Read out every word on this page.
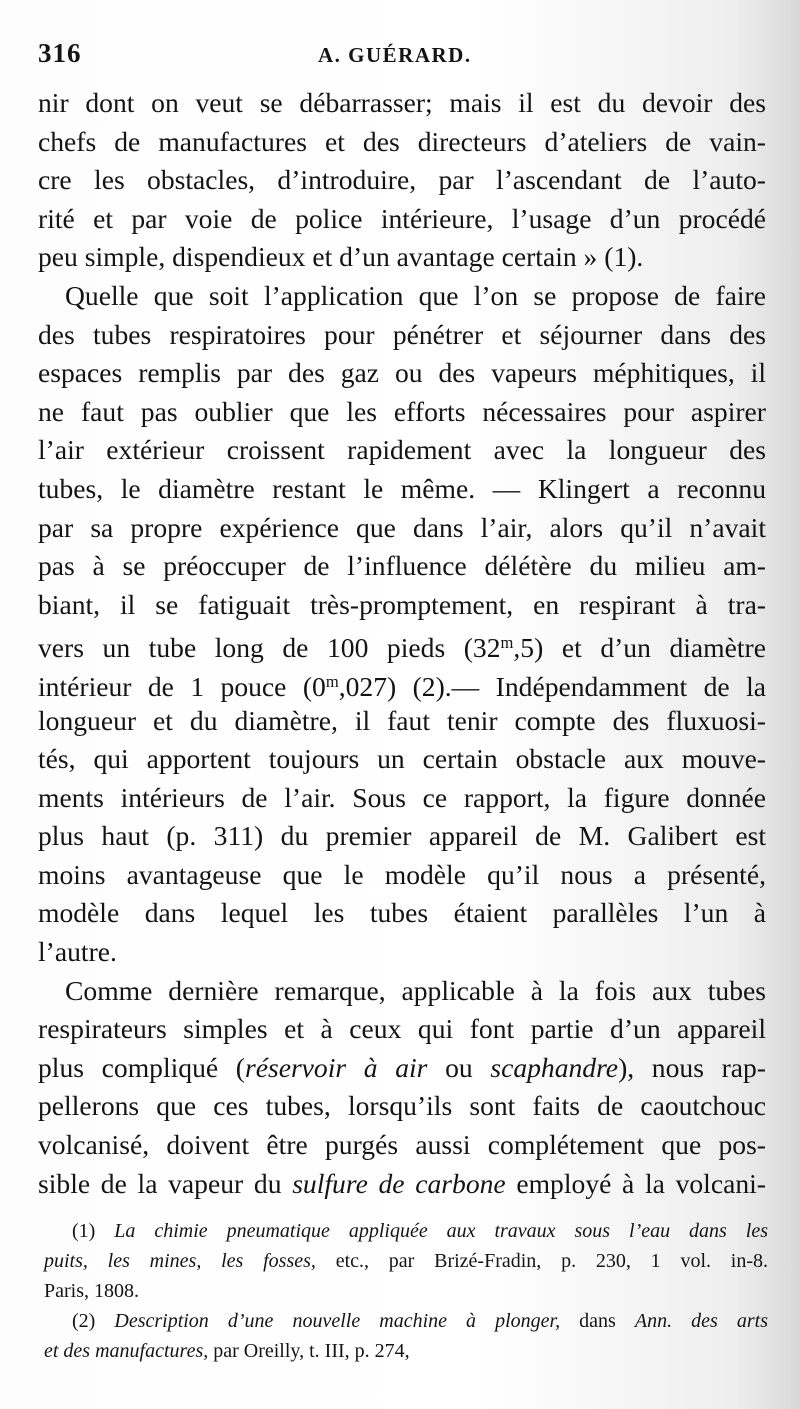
316	A. GUÉRARD.
nir dont on veut se débarrasser; mais il est du devoir des
chefs de manufactures et des directeurs d’ateliers de vain-
cre les obstacles, d’introduire, par l’ascendant de l’auto-
rité et par voie de police intérieure, l’usage d’un procédé
peu simple, dispendieux et d’un avantage certain » (1).
Quelle que soit l’application que l’on se propose de faire
des tubes respiratoires pour pénétrer et séjourner dans des
espaces remplis par des gaz ou des vapeurs méphitiques, il
ne faut pas oublier que les efforts nécessaires pour aspirer
l’air extérieur croissent rapidement avec la longueur des
tubes, le diamètre restant le même. — Klingert a reconnu
par sa propre expérience que dans l’air, alors qu’il n’avait
pas à se préoccuper de l’influence délétère du milieu am-
biant, il se fatiguait très-promptement, en respirant à tra-
vers un tube long de 100 pieds (32$^m$,5) et d’un diamètre
intérieur de 1 pouce (0$^m$,027) (2).— Indépendamment de la
longueur et du diamètre, il faut tenir compte des fluxuosi-
tés, qui apportent toujours un certain obstacle aux mouve-
ments intérieurs de l’air. Sous ce rapport, la figure donnée
plus haut (p. 311) du premier appareil de M. Galibert est
moins avantageuse que le modèle qu’il nous a présenté,
modèle dans lequel les tubes étaient parallèles l’un à
l’autre.
Comme dernière remarque, applicable à la fois aux tubes
respirateurs simples et à ceux qui font partie d’un appareil
plus compliqué (réservoir à air ou scaphandre), nous rap-
pellerons que ces tubes, lorsqu’ils sont faits de caoutchouc
volcanisé, doivent être purgés aussi complétement que pos-
sible de la vapeur du sulfure de carbone employé à la volcani-
(1) La chimie pneumatique appliquée aux travaux sous l’eau dans les
puits, les mines, les fosses, etc., par Brizé-Fradin, p. 230, 1 vol. in-8.
Paris, 1808.
(2) Description d’une nouvelle machine à plonger, dans Ann. des arts
et des manufactures, par Oreilly, t. III, p. 274,
